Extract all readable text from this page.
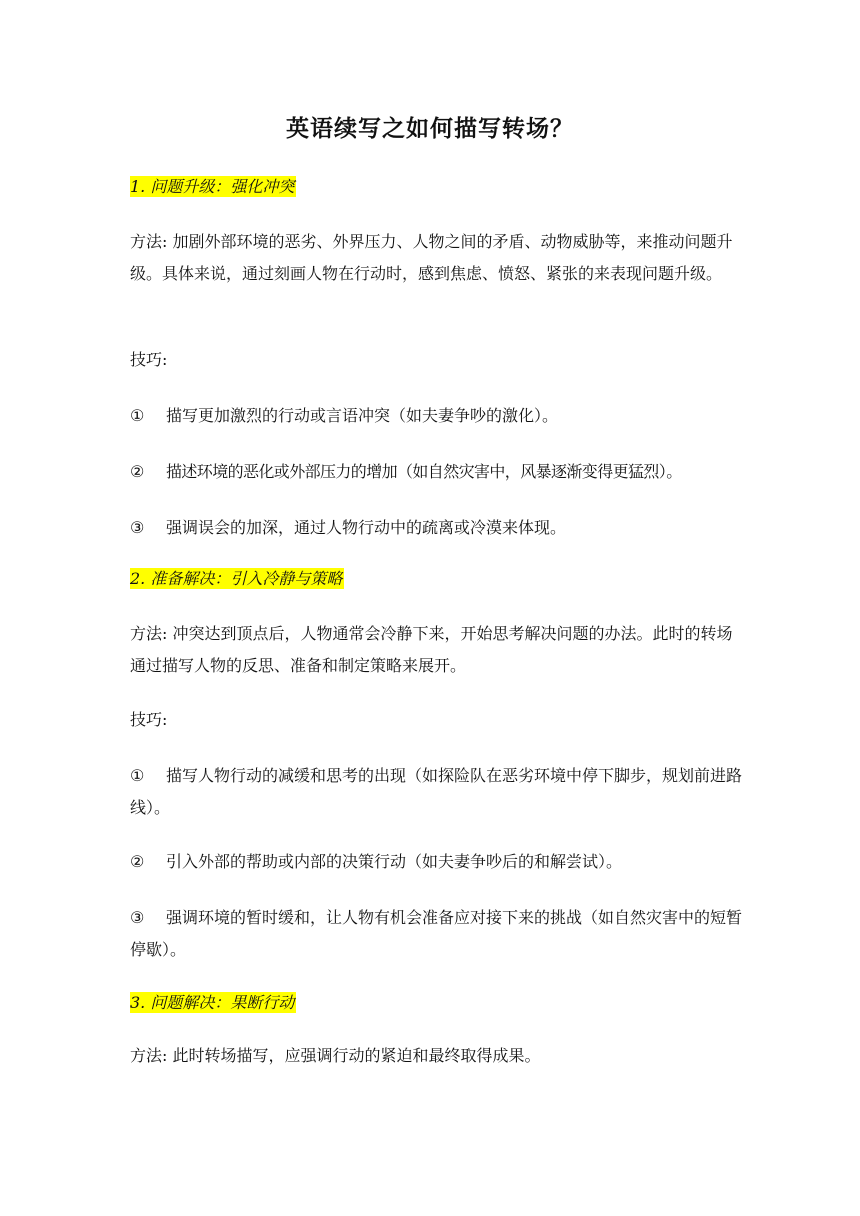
英语续写之如何描写转场？

1. 问题升级：强化冲突

方法: 加剧外部环境的恶劣、外界压力、人物之间的矛盾、动物威胁等，来推动问题升级。具体来说，通过刻画人物在行动时，感到焦虑、愤怒、紧张的来表现问题升级。

技巧:

① 描写更加激烈的行动或言语冲突（如夫妻争吵的激化）。

② 描述环境的恶化或外部压力的增加（如自然灾害中，风暴逐渐变得更猛烈）。

③ 强调误会的加深，通过人物行动中的疏离或冷漠来体现。

2. 准备解决：引入冷静与策略

方法: 冲突达到顶点后，人物通常会冷静下来，开始思考解决问题的办法。此时的转场通过描写人物的反思、准备和制定策略来展开。

技巧:

① 描写人物行动的减缓和思考的出现（如探险队在恶劣环境中停下脚步，规划前进路线）。

② 引入外部的帮助或内部的决策行动（如夫妻争吵后的和解尝试）。

③ 强调环境的暂时缓和，让人物有机会准备应对接下来的挑战（如自然灾害中的短暂停歇）。

3. 问题解决：果断行动

方法: 此时转场描写，应强调行动的紧迫和最终取得成果。
